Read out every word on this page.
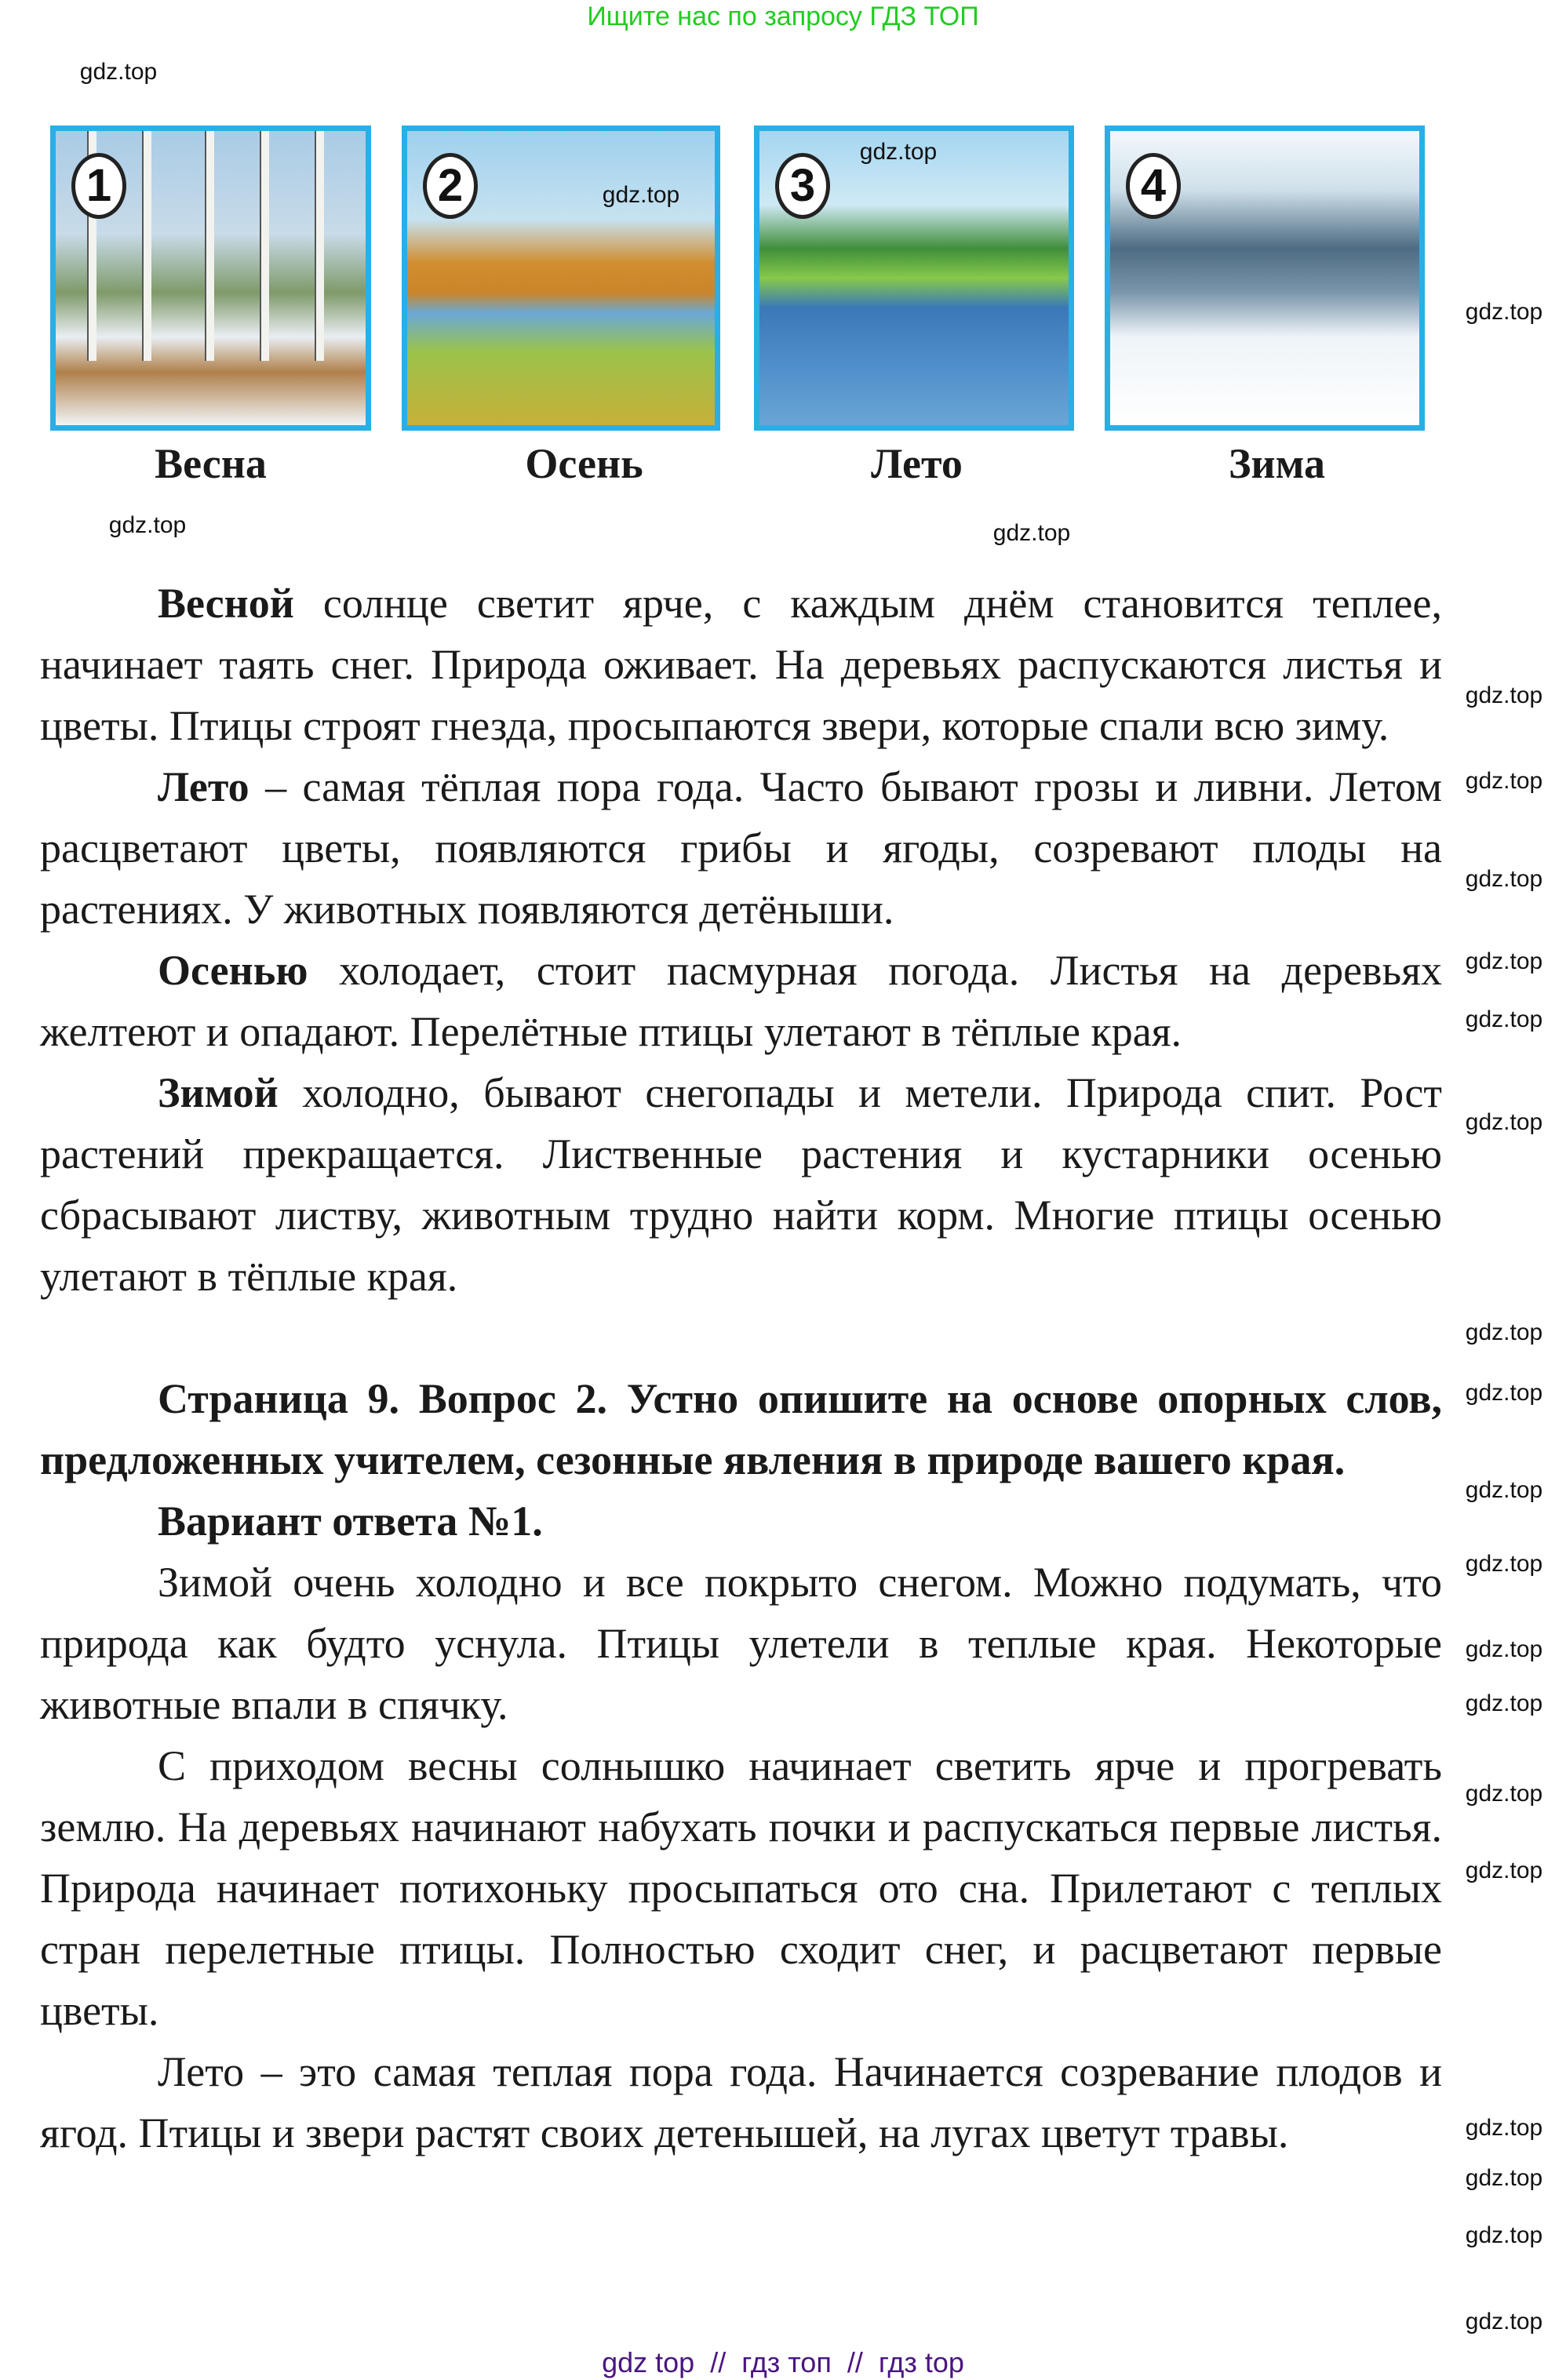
Ищите нас по запросу ГДЗ ТОП
1	2	3	4
Весна	Осень	Лето	Зима

Весной солнце светит ярче, с каждым днём становится теплее, начинает таять снег. Природа оживает. На деревьях распускаются листья и цветы. Птицы строят гнезда, просыпаются звери, которые спали всю зиму.

Лето – самая тёплая пора года. Часто бывают грозы и ливни. Летом расцветают цветы, появляются грибы и ягоды, созревают плоды на растениях. У животных появляются детёныши.

Осенью холодает, стоит пасмурная погода. Листья на деревьях желтеют и опадают. Перелётные птицы улетают в тёплые края.

Зимой холодно, бывают снегопады и метели. Природа спит. Рост растений прекращается. Лиственные растения и кустарники осенью сбрасывают листву, животным трудно найти корм. Многие птицы осенью улетают в тёплые края.

Страница 9. Вопрос 2. Устно опишите на основе опорных слов, предложенных учителем, сезонные явления в природе вашего края.

Вариант ответа №1.

Зимой очень холодно и все покрыто снегом. Можно подумать, что природа как будто уснула. Птицы улетели в теплые края. Некоторые животные впали в спячку.

С приходом весны солнышко начинает светить ярче и прогревать землю. На деревьях начинают набухать почки и распускаться первые листья. Природа начинает потихоньку просыпаться ото сна. Прилетают с теплых стран перелетные птицы. Полностью сходит снег, и расцветают первые цветы.

Лето – это самая теплая пора года. Начинается созревание плодов и ягод. Птицы и звери растят своих детенышей, на лугах цветут травы.

gdz.top
gdz.top
gdz.top
gdz.top
gdz.top	gdz.top
gdz.top
gdz.top
gdz.top
gdz.top
gdz.top
gdz.top
gdz.top
gdz.top
gdz.top
gdz.top
gdz.top
gdz.top
gdz.top
gdz.top
gdz.top
gdz.top
gdz.top
gdz.top
gdz top  //  гдз топ  //  гдз top
